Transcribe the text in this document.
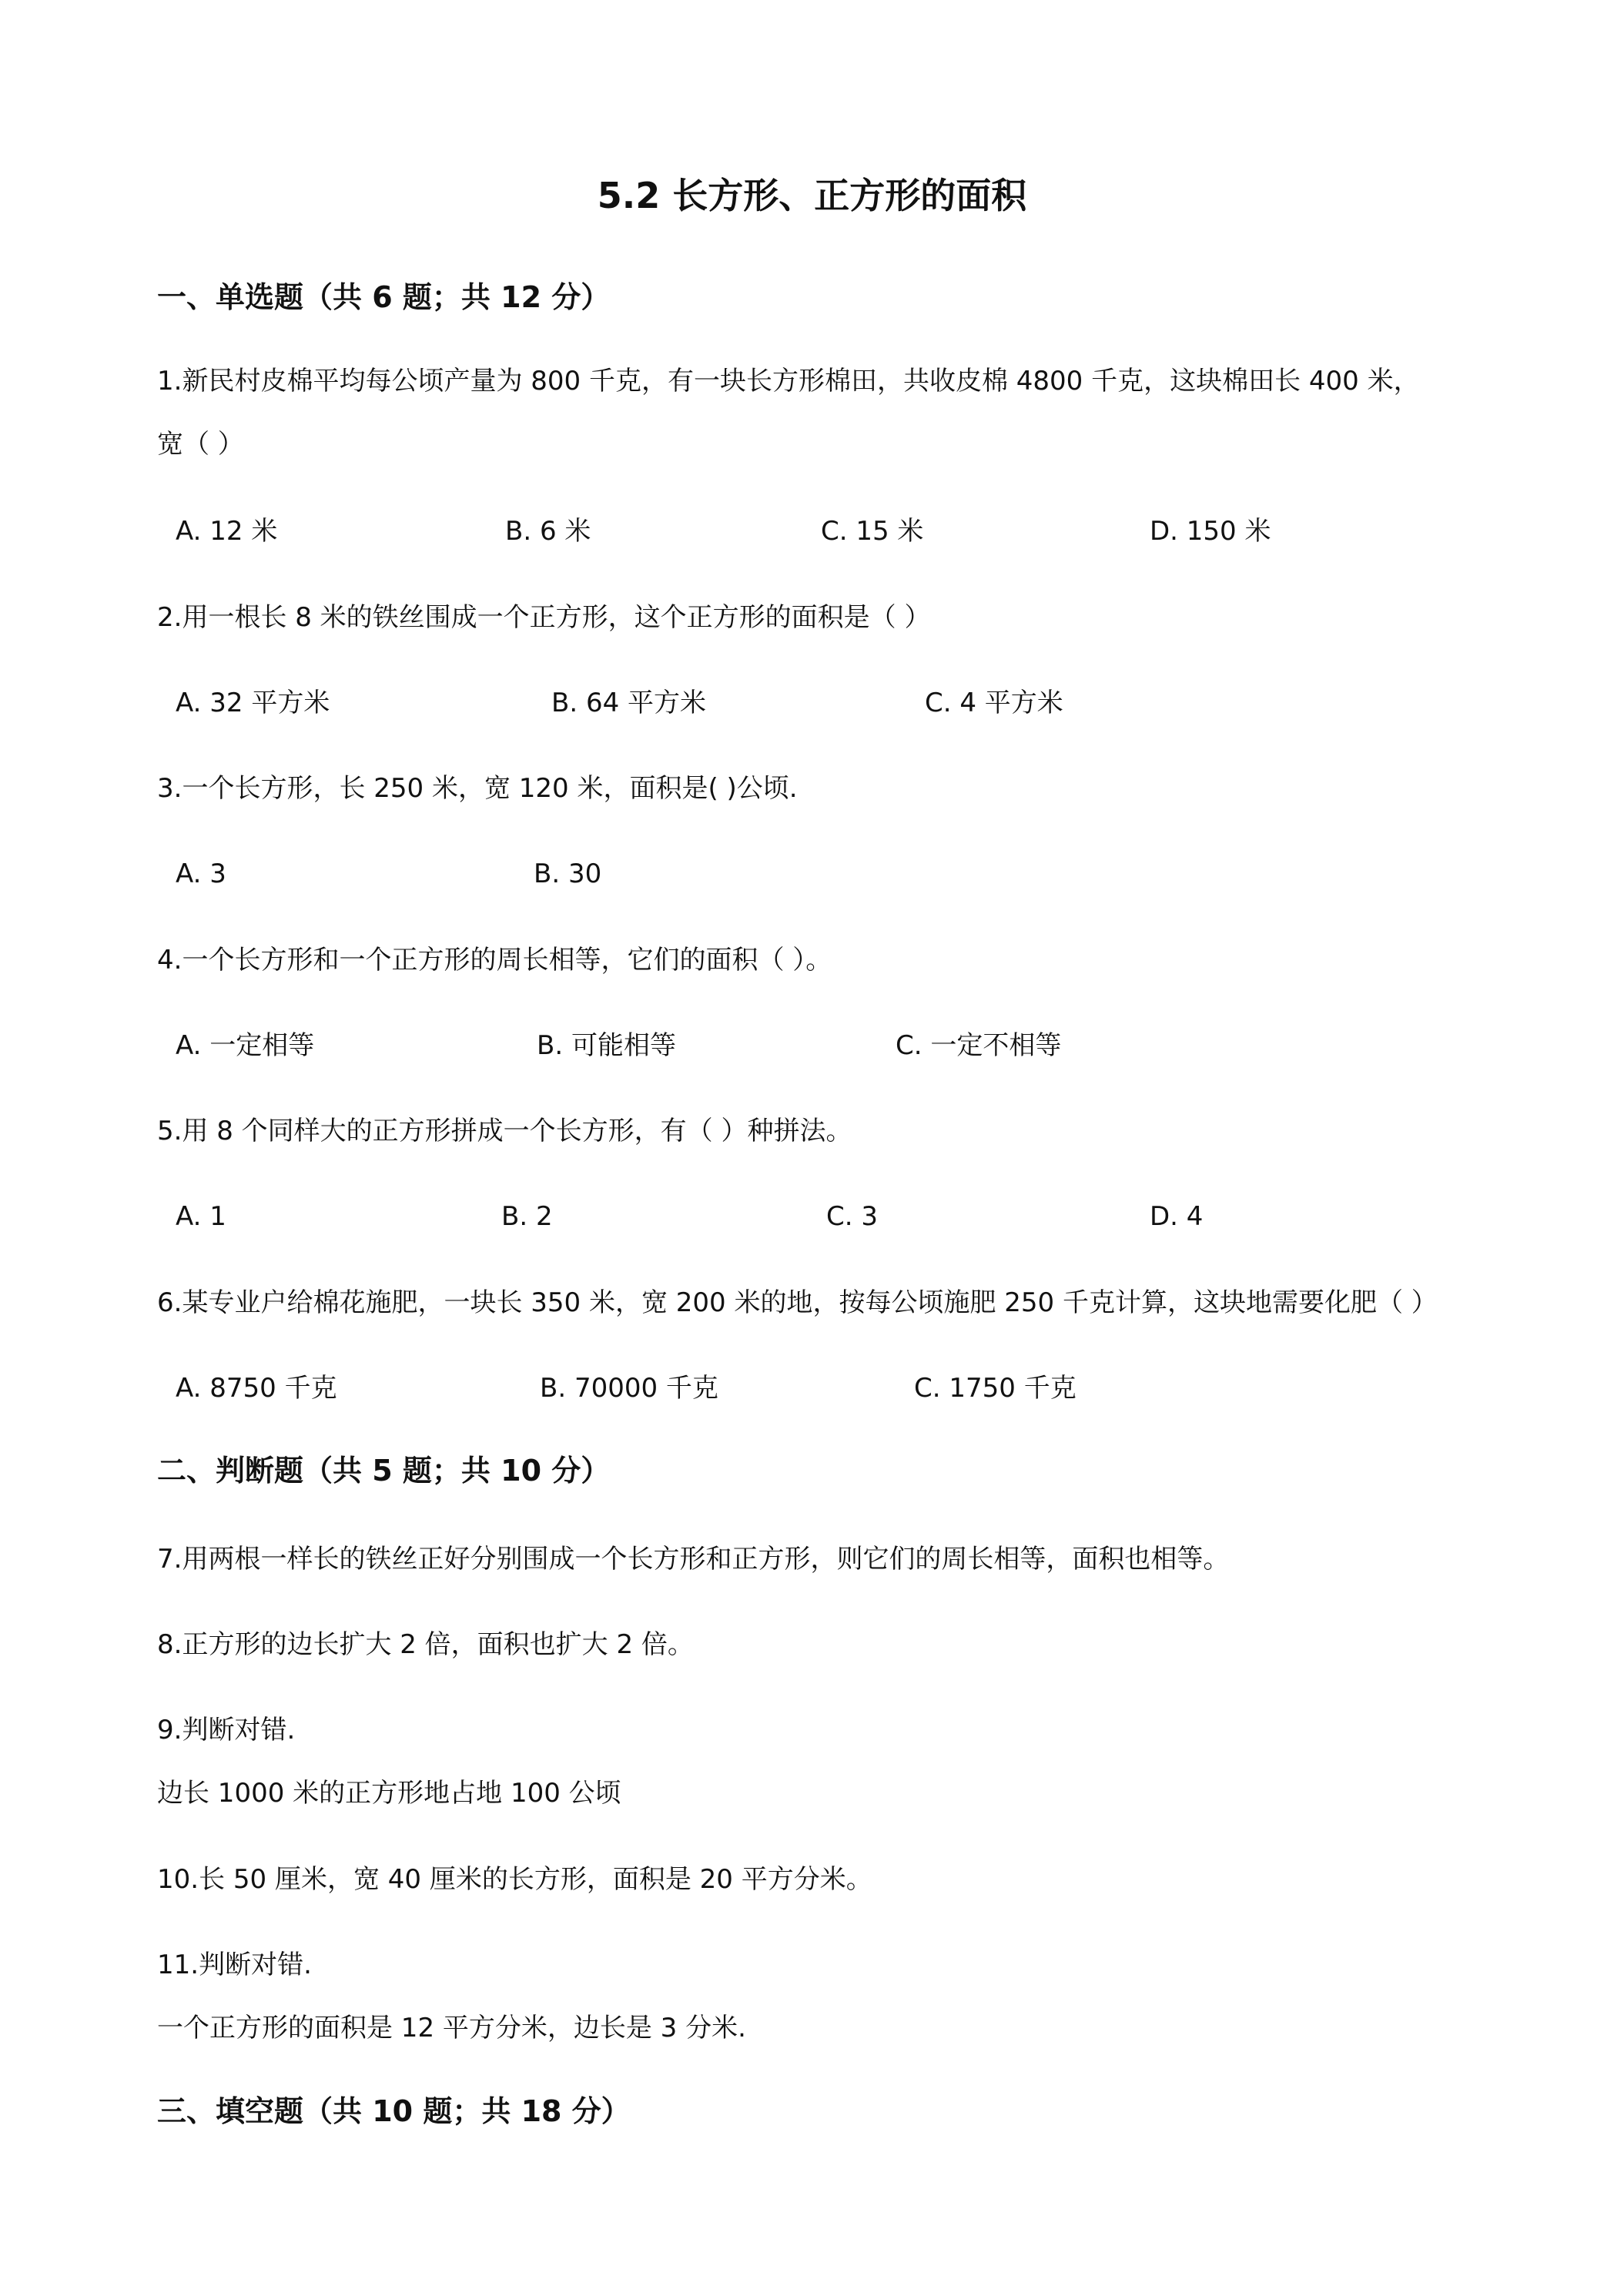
5.2 长方形、正方形的面积
一、单选题（共 6 题；共 12 分）
1.新民村皮棉平均每公顷产量为 800 千克，有一块长方形棉田，共收皮棉 4800 千克，这块棉田长 400 米，
宽（ ）
A. 12 米	B. 6 米	C. 15 米	D. 150 米
2.用一根长 8 米的铁丝围成一个正方形，这个正方形的面积是（ ）
A. 32 平方米	B. 64 平方米	C. 4 平方米
3.一个长方形，长 250 米，宽 120 米，面积是( )公顷.
A. 3	B. 30
4.一个长方形和一个正方形的周长相等，它们的面积（ ）。
A. 一定相等	B. 可能相等	C. 一定不相等
5.用 8 个同样大的正方形拼成一个长方形，有（ ）种拼法。
A. 1	B. 2	C. 3	D. 4
6.某专业户给棉花施肥，一块长 350 米，宽 200 米的地，按每公顷施肥 250 千克计算，这块地需要化肥（ ）
A. 8750 千克	B. 70000 千克	C. 1750 千克
二、判断题（共 5 题；共 10 分）
7.用两根一样长的铁丝正好分别围成一个长方形和正方形，则它们的周长相等，面积也相等。
8.正方形的边长扩大 2 倍，面积也扩大 2 倍。
9.判断对错.
边长 1000 米的正方形地占地 100 公顷
10.长 50 厘米，宽 40 厘米的长方形，面积是 20 平方分米。
11.判断对错.
一个正方形的面积是 12 平方分米，边长是 3 分米.
三、填空题（共 10 题；共 18 分）
